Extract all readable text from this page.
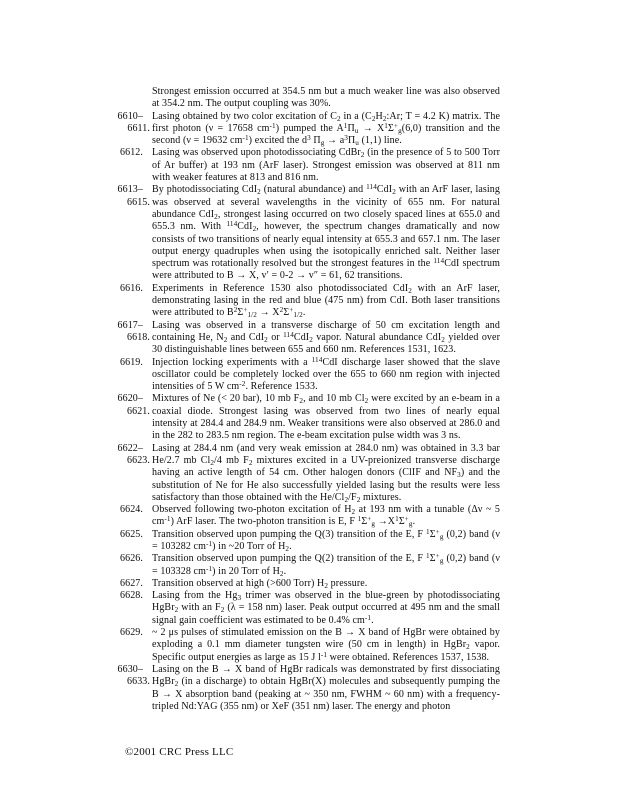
Strongest emission occurred at 354.5 nm but a much weaker line was also observed at 354.2 nm. The output coupling was 30%.
6610–
6611.
Lasing obtained by two color excitation of $C_2$ in a ($C_2H_2:Ar$; T = 4.2 K) matrix. The first photon (ν = 17658 $cm^{-1}$) pumped the $A^1\Pi_u \to X^1\Sigma^+_g(6,0)$ transition and the second (ν = 19632 $cm^{-1}$) excited the $d^3$ $\Pi_g \to a^3\Pi_u$ (1,1) line.
6612. Lasing was observed upon photodissociating CdBr$_2$ (in the presence of 5 to 500 Torr of Ar buffer) at 193 nm (ArF laser). Strongest emission was observed at 811 nm with weaker features at 813 and 816 nm.
6613–
6615.
By photodissociating CdI$_2$ (natural abundance) and $^{114}$CdI$_2$ with an ArF laser, lasing was observed at several wavelengths in the vicinity of 655 nm. For natural abundance CdI$_2$, strongest lasing occurred on two closely spaced lines at 655.0 and 655.3 nm. With $^{114}$CdI$_2$, however, the spectrum changes dramatically and now consists of two transitions of nearly equal intensity at 655.3 and 657.1 nm. The laser output energy quadruples when using the isotopically enriched salt. Neither laser spectrum was rotationally resolved but the strongest features in the $^{114}$CdI spectrum were attributed to B → X, v′ = 0-2 → v″ = 61, 62 transitions.
6616. Experiments in Reference 1530 also photodissociated CdI$_2$ with an ArF laser, demonstrating lasing in the red and blue (475 nm) from CdI. Both laser transitions were attributed to $B^2\Sigma^+_{1/2} \to X^2\Sigma^+_{1/2}$.
6617–
6618.
Lasing was observed in a transverse discharge of 50 cm excitation length and containing He, $N_2$ and CdI$_2$ or $^{114}$CdI$_2$ vapor. Natural abundance CdI$_2$ yielded over 30 distinguishable lines between 655 and 660 nm. References 1531, 1623.
6619. Injection locking experiments with a $^{114}$CdI discharge laser showed that the slave oscillator could be completely locked over the 655 to 660 nm region with injected intensities of 5 W $cm^{-2}$. Reference 1533.
6620–
6621.
Mixtures of Ne (< 20 bar), 10 mb $F_2$, and 10 mb $Cl_2$ were excited by an e-beam in a coaxial diode. Strongest lasing was observed from two lines of nearly equal intensity at 284.4 and 284.9 nm. Weaker transitions were also observed at 286.0 and in the 282 to 283.5 nm region. The e-beam excitation pulse width was 3 ns.
6622–
6623.
Lasing at 284.4 nm (and very weak emission at 284.0 nm) was obtained in 3.3 bar He/2.7 mb $Cl_2/4$ mb $F_2$ mixtures excited in a UV-preionized transverse discharge having an active length of 54 cm. Other halogen donors (ClIF and $NF_3$) and the substitution of Ne for He also successfully yielded lasing but the results were less satisfactory than those obtained with the $He/Cl_2/F_2$ mixtures.
6624. Observed following two-photon excitation of $H_2$ at 193 nm with a tunable (Δν ~ 5 $cm^{-1}$) ArF laser. The two-photon transition is E, F $^1\Sigma^+_g \to X^1\Sigma^+_g$.
6625. Transition observed upon pumping the Q(3) transition of the E, F $^1\Sigma^+_g$ (0,2) band (ν = 103282 $cm^{-1}$) in ~20 Torr of $H_2$.
6626. Transition observed upon pumping the Q(2) transition of the E, F $^1\Sigma^+_g$ (0,2) band (ν = 103328 $cm^{-1}$) in 20 Torr of $H_2$.
6627. Transition observed at high (>600 Torr) $H_2$ pressure.
6628. Lasing from the $Hg_3$ trimer was observed in the blue-green by photodissociating HgBr$_2$ with an $F_2$ (λ = 158 nm) laser. Peak output occurred at 495 nm and the small signal gain coefficient was estimated to be 0.4% $cm^{-1}$.
6629. ~ 2 μs pulses of stimulated emission on the B → X band of HgBr were obtained by exploding a 0.1 mm diameter tungsten wire (50 cm in length) in HgBr$_2$ vapor. Specific output energies as large as 15 J $l^{-1}$ were obtained. References 1537, 1538.
6630–
6633.
Lasing on the B → X band of HgBr radicals was demonstrated by first dissociating HgBr$_2$ (in a discharge) to obtain HgBr(X) molecules and subsequently pumping the B → X absorption band (peaking at ~ 350 nm, FWHM ~ 60 nm) with a frequency-tripled Nd:YAG (355 nm) or XeF (351 nm) laser. The energy and photon
©2001 CRC Press LLC
